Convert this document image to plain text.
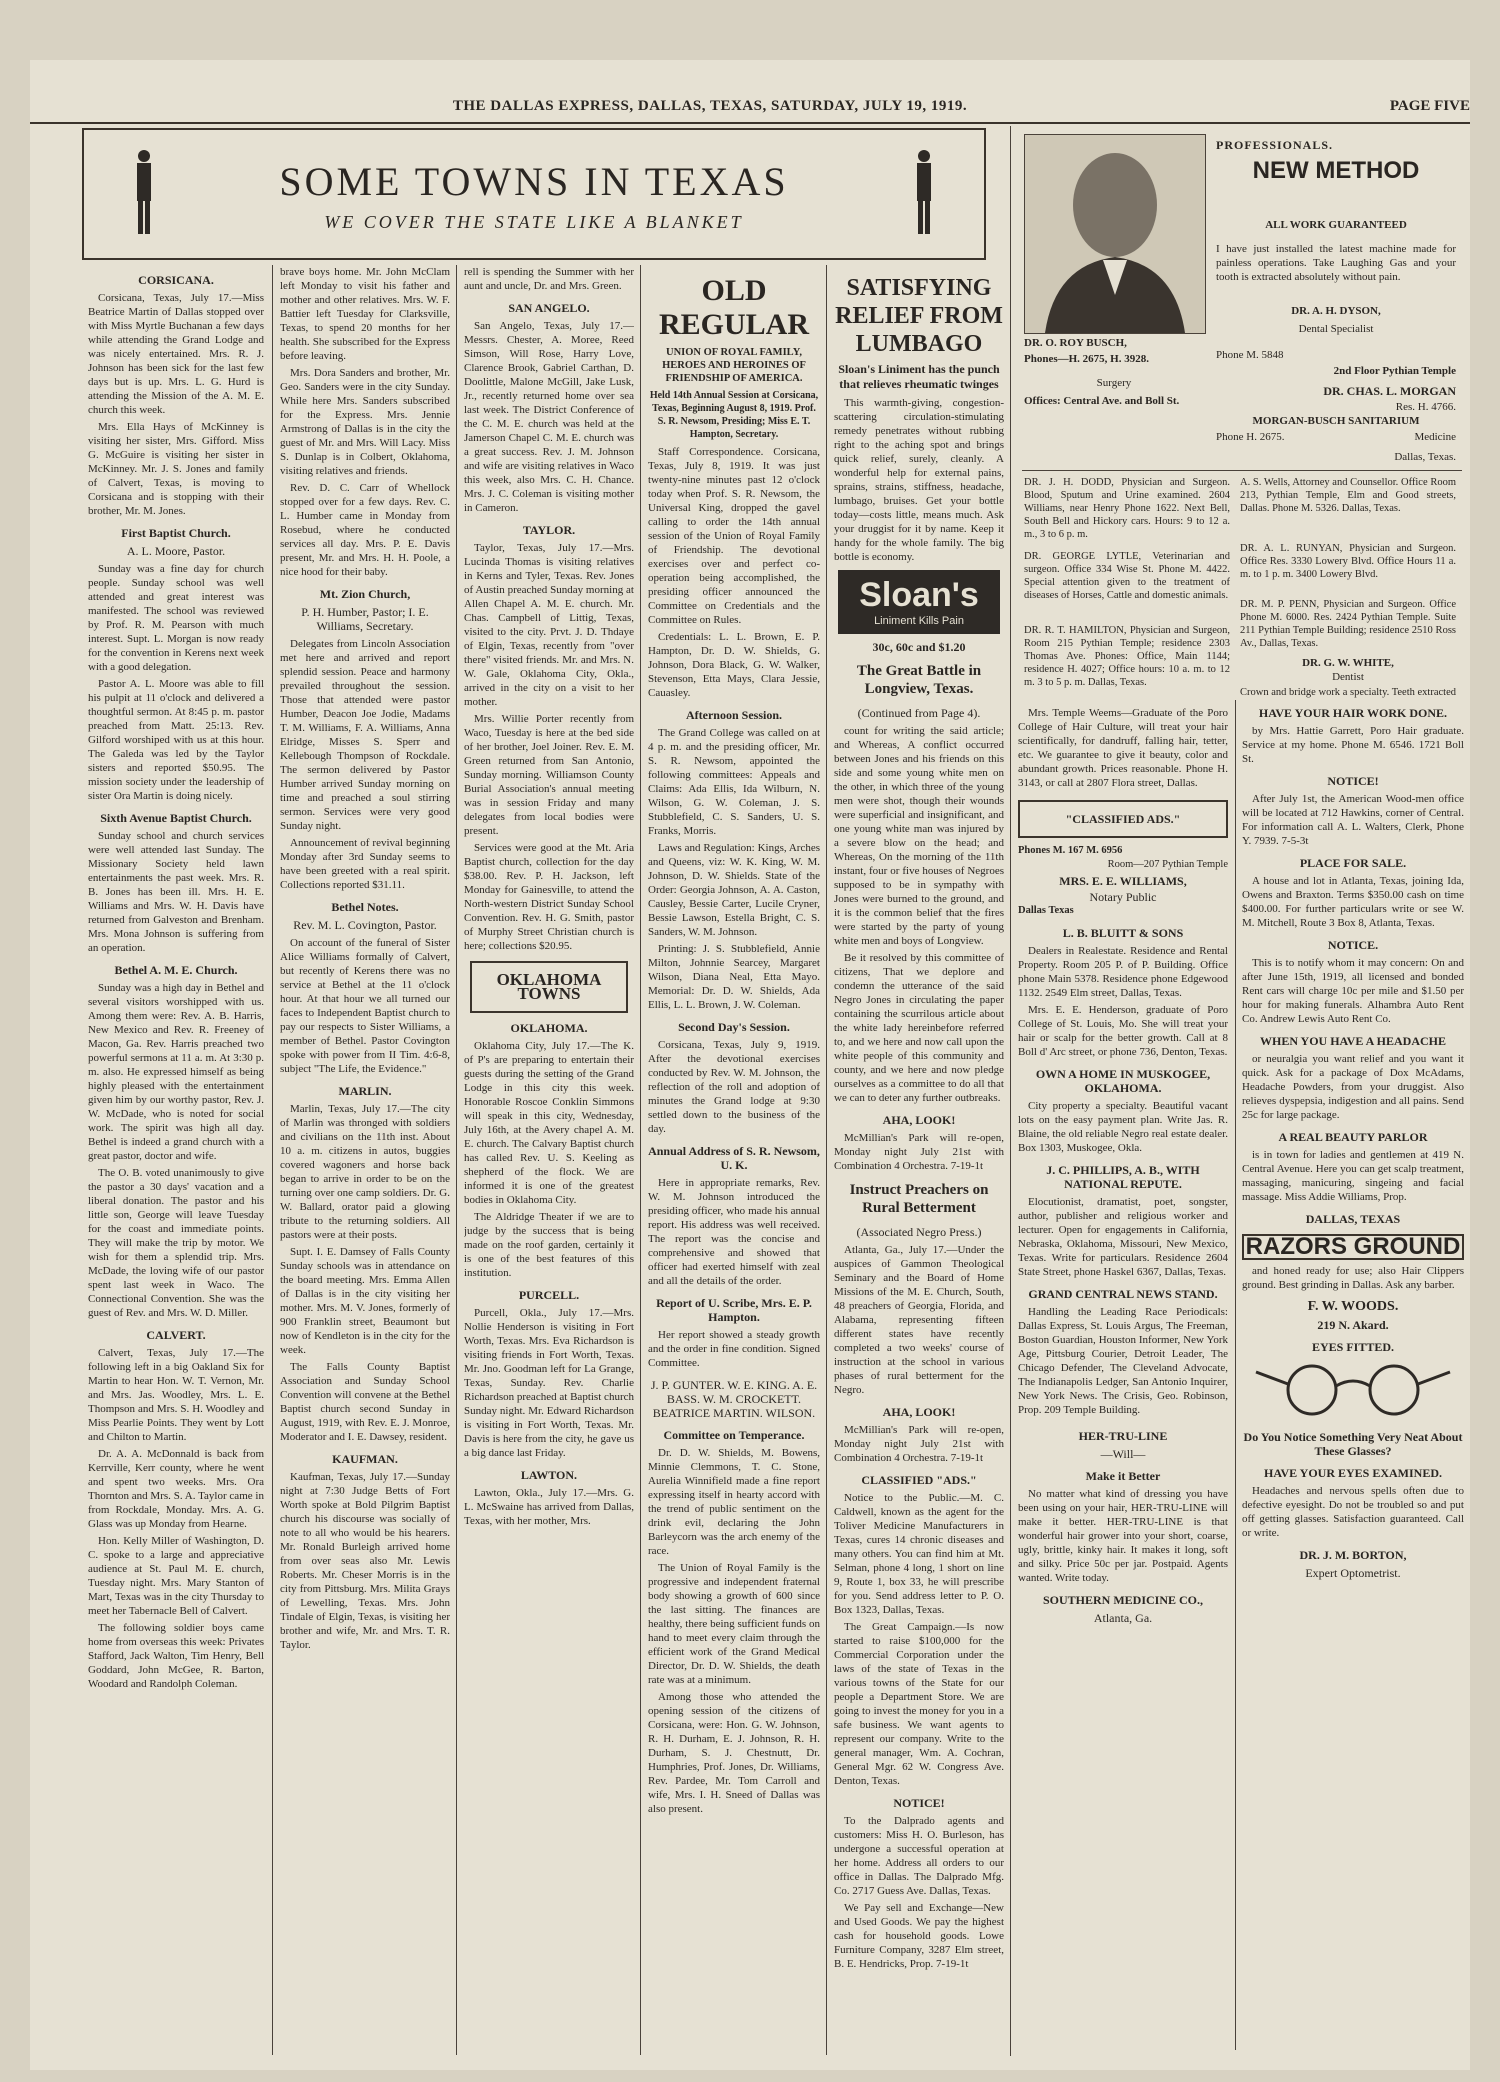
THE DALLAS EXPRESS, DALLAS, TEXAS, SATURDAY, JULY 19, 1919.	PAGE FIVE
SOME TOWNS IN TEXAS
WE COVER THE STATE LIKE A BLANKET
CORSICANA.

Corsicana, Texas, July 17.—Miss Beatrice Martin of Dallas stopped over with Miss Myrtle Buchanan a few days while attending the Grand Lodge and was nicely entertained. Mrs. R. J. Johnson has been sick for the last few days but is up. Mrs. L. G. Hurd is attending the Mission of the A. M. E. church this week.

Mrs. Ella Hays of McKinney is visiting her sister, Mrs. Gifford. Miss G. McGuire is visiting her sister in McKinney. Mr. J. S. Jones and family of Calvert, Texas, is moving to Corsicana and is stopping with their brother, Mr. M. Jones.

First Baptist Church.
A. L. Moore, Pastor.

Sunday was a fine day for church people. Sunday school was well attended and great interest was manifested. The school was reviewed by Prof. R. M. Pearson with much interest. Supt. L. Morgan is now ready for the convention in Kerens next week with a good delegation.

Pastor A. L. Moore was able to fill his pulpit at 11 o'clock and delivered a thoughtful sermon. At 8:45 p. m. pastor preached from Matt. 25:13. Rev. Gilford worshiped with us at this hour. The Galeda was led by the Taylor sisters and reported $50.95. The mission society under the leadership of sister Ora Martin is doing nicely.

Sixth Avenue Baptist Church.

Sunday school and church services were well attended last Sunday. The Missionary Society held lawn entertainments the past week. Mrs. R. B. Jones has been ill. Mrs. H. E. Williams and Mrs. W. H. Davis have returned from Galveston and Brenham. Mrs. Mona Johnson is suffering from an operation.

Bethel A. M. E. Church.

Sunday was a high day in Bethel and several visitors worshipped with us. Among them were: Rev. A. B. Harris, New Mexico and Rev. R. Freeney of Macon, Ga. Rev. Harris preached two powerful sermons at 11 a. m. At 3:30 p. m. also. He expressed himself as being highly pleased with the entertainment given him by our worthy pastor, Rev. J. W. McDade, who is noted for social work. The spirit was high all day. Bethel is indeed a grand church with a great pastor, doctor and wife.

The O. B. voted unanimously to give the pastor a 30 days' vacation and a liberal donation. The pastor and his little son, George will leave Tuesday for the coast and immediate points. They will make the trip by motor. We wish for them a splendid trip. Mrs. McDade, the loving wife of our pastor spent last week in Waco. The Connectional Convention. She was the guest of Rev. and Mrs. W. D. Miller.

CALVERT.

Calvert, Texas, July 17.—The following left in a big Oakland Six for Martin to hear Hon. W. T. Vernon, Mr. and Mrs. Jas. Woodley, Mrs. L. E. Thompson and Mrs. S. H. Woodley and Miss Pearlie Points. They went by Lott and Chilton to Martin.

Dr. A. A. McDonnald is back from Kerrville, Kerr county, where he went and spent two weeks. Mrs. Ora Thornton and Mrs. S. A. Taylor came in from Rockdale, Monday. Mrs. A. G. Glass was up Monday from Hearne.

Hon. Kelly Miller of Washington, D. C. spoke to a large and appreciative audience at St. Paul M. E. church, Tuesday night. Mrs. Mary Stanton of Mart, Texas was in the city Thursday to meet her Tabernacle Bell of Calvert.

The following soldier boys came home from overseas this week: Privates Stafford, Jack Walton, Tim Henry, Bell Goddard, John McGee, R. Barton, Woodard and Randolph Coleman.

brave boys home. Mr. John McClam left Monday to visit his father and mother and other relatives. Mrs. W. F. Battier left Tuesday for Clarksville, Texas, to spend 20 months for her health. She subscribed for the Express before leaving.

Mrs. Dora Sanders and brother, Mr. Geo. Sanders were in the city Sunday. While here Mrs. Sanders subscribed for the Express. Mrs. Jennie Armstrong of Dallas is in the city the guest of Mr. and Mrs. Will Lacy. Miss S. Dunlap is in Colbert, Oklahoma, visiting relatives and friends.

Rev. D. C. Carr of Whellock stopped over for a few days. Rev. C. L. Humber came in Monday from Rosebud, where he conducted services all day. Mrs. P. E. Davis present, Mr. and Mrs. H. H. Poole, a nice hood for their baby.

Mt. Zion Church,
P. H. Humber, Pastor; I. E. Williams, Secretary.

Delegates from Lincoln Association met here and arrived and report splendid session. Peace and harmony prevailed throughout the session. Those that attended were pastor Humber, Deacon Joe Jodie, Madams T. M. Williams, F. A. Williams, Anna Elridge, Misses S. Sperr and Kellebough Thompson of Rockdale. The sermon delivered by Pastor Humber arrived Sunday morning on time and preached a soul stirring sermon. Services were very good Sunday night.

Announcement of revival beginning Monday after 3rd Sunday seems to have been greeted with a real spirit. Collections reported $31.11.

Bethel Notes.
Rev. M. L. Covington, Pastor.

On account of the funeral of Sister Alice Williams formally of Calvert, but recently of Kerens there was no service at Bethel at the 11 o'clock hour. At that hour we all turned our faces to Independent Baptist church to pay our respects to Sister Williams, a member of Bethel. Pastor Covington spoke with power from II Tim. 4:6-8, subject "The Life, the Evidence."

MARLIN.

Marlin, Texas, July 17.—The city of Marlin was thronged with soldiers and civilians on the 11th inst. About 10 a. m. citizens in autos, buggies covered wagoners and horse back began to arrive in order to be on the turning over one camp soldiers. Dr. G. W. Ballard, orator paid a glowing tribute to the returning soldiers. All pastors were at their posts.

Supt. I. E. Damsey of Falls County Sunday schools was in attendance on the board meeting. Mrs. Emma Allen of Dallas is in the city visiting her mother. Mrs. M. V. Jones, formerly of 900 Franklin street, Beaumont but now of Kendleton is in the city for the week.

The Falls County Baptist Association and Sunday School Convention will convene at the Bethel Baptist church second Sunday in August, 1919, with Rev. E. J. Monroe, Moderator and I. E. Dawsey, resident.

KAUFMAN.

Kaufman, Texas, July 17.—Sunday night at 7:30 Judge Betts of Fort Worth spoke at Bold Pilgrim Baptist church his discourse was socially of note to all who would be his hearers. Mr. Ronald Burleigh arrived home from over seas also Mr. Lewis Roberts. Mr. Cheser Morris is in the city from Pittsburg. Mrs. Milita Grays of Lewelling, Texas. Mrs. John Tindale of Elgin, Texas, is visiting her brother and wife, Mr. and Mrs. T. R. Taylor.

rell is spending the Summer with her aunt and uncle, Dr. and Mrs. Green.

SAN ANGELO.

San Angelo, Texas, July 17.—Messrs. Chester, A. Moree, Reed Simson, Will Rose, Harry Love, Clarence Brook, Gabriel Carthan, D. Doolittle, Malone McGill, Jake Lusk, Jr., recently returned home over sea last week. The District Conference of the C. M. E. church was held at the Jamerson Chapel C. M. E. church was a great success. Rev. J. M. Johnson and wife are visiting relatives in Waco this week, also Mrs. C. H. Chance. Mrs. J. C. Coleman is visiting mother in Cameron.

TAYLOR.

Taylor, Texas, July 17.—Mrs. Lucinda Thomas is visiting relatives in Kerns and Tyler, Texas. Rev. Jones of Austin preached Sunday morning at Allen Chapel A. M. E. church. Mr. Chas. Campbell of Littig, Texas, visited to the city. Prvt. J. D. Thdaye of Elgin, Texas, recently from "over there" visited friends. Mr. and Mrs. N. W. Gale, Oklahoma City, Okla., arrived in the city on a visit to her mother.

Mrs. Willie Porter recently from Waco, Tuesday is here at the bed side of her brother, Joel Joiner. Rev. E. M. Green returned from San Antonio, Sunday morning. Williamson County Burial Association's annual meeting was in session Friday and many delegates from local bodies were present.

Services were good at the Mt. Aria Baptist church, collection for the day $38.00. Rev. P. H. Jackson, left Monday for Gainesville, to attend the North-western District Sunday School Convention. Rev. H. G. Smith, pastor of Murphy Street Christian church is here; collections $20.95.

OKLAHOMA TOWNS
OKLAHOMA.

Oklahoma City, July 17.—The K. of P's are preparing to entertain their guests during the setting of the Grand Lodge in this city this week. Honorable Roscoe Conklin Simmons will speak in this city, Wednesday, July 16th, at the Avery chapel A. M. E. church. The Calvary Baptist church has called Rev. U. S. Keeling as shepherd of the flock. We are informed it is one of the greatest bodies in Oklahoma City.

The Aldridge Theater if we are to judge by the success that is being made on the roof garden, certainly it is one of the best features of this institution.

PURCELL.

Purcell, Okla., July 17.—Mrs. Nollie Henderson is visiting in Fort Worth, Texas. Mrs. Eva Richardson is visiting friends in Fort Worth, Texas. Mr. Jno. Goodman left for La Grange, Texas, Sunday. Rev. Charlie Richardson preached at Baptist church Sunday night. Mr. Edward Richardson is visiting in Fort Worth, Texas. Mr. Davis is here from the city, he gave us a big dance last Friday.

LAWTON.

Lawton, Okla., July 17.—Mrs. G. L. McSwaine has arrived from Dallas, Texas, with her mother, Mrs.

OLD REGULAR
UNION OF ROYAL FAMILY, HEROES AND HEROINES OF FRIENDSHIP OF AMERICA.
Held 14th Annual Session at Corsicana, Texas, Beginning August 8, 1919. Prof. S. R. Newsom, Presiding; Miss E. T. Hampton, Secretary.

Staff Correspondence. Corsicana, Texas, July 8, 1919. It was just twenty-nine minutes past 12 o'clock today when Prof. S. R. Newsom, the Universal King, dropped the gavel calling to order the 14th annual session of the Union of Royal Family of Friendship. The devotional exercises over and perfect co-operation being accomplished, the presiding officer announced the Committee on Credentials and the Committee on Rules.

Credentials: L. L. Brown, E. P. Hampton, Dr. D. W. Shields, G. Johnson, Dora Black, G. W. Walker, Stevenson, Etta Mays, Clara Jessie, Cauasley.

Afternoon Session.

The Grand College was called on at 4 p. m. and the presiding officer, Mr. S. R. Newsom, appointed the following committees: Appeals and Claims: Ada Ellis, Ida Wilburn, N. Wilson, G. W. Coleman, J. S. Stubblefield, C. S. Sanders, U. S. Franks, Morris.

Laws and Regulation: Kings, Arches and Queens, viz: W. K. King, W. M. Johnson, D. W. Shields. State of the Order: Georgia Johnson, A. A. Caston, Causley, Bessie Carter, Lucile Cryner, Bessie Lawson, Estella Bright, C. S. Sanders, W. M. Johnson.

Printing: J. S. Stubblefield, Annie Milton, Johnnie Searcey, Margaret Wilson, Diana Neal, Etta Mayo. Memorial: Dr. D. W. Shields, Ada Ellis, L. L. Brown, J. W. Coleman.

Second Day's Session.

Corsicana, Texas, July 9, 1919. After the devotional exercises conducted by Rev. W. M. Johnson, the reflection of the roll and adoption of minutes the Grand lodge at 9:30 settled down to the business of the day.

Annual Address of S. R. Newsom, U. K.

Here in appropriate remarks, Rev. W. M. Johnson introduced the presiding officer, who made his annual report. His address was well received. The report was the concise and comprehensive and showed that officer had exerted himself with zeal and all the details of the order.

Report of U. Scribe, Mrs. E. P. Hampton.

Her report showed a steady growth and the order in fine condition. Signed Committee.

J. P. GUNTER. W. E. KING. A. E. BASS. W. M. CROCKETT. BEATRICE MARTIN. WILSON.
Committee on Temperance.

Dr. D. W. Shields, M. Bowens, Minnie Clemmons, T. C. Stone, Aurelia Winnifield made a fine report expressing itself in hearty accord with the trend of public sentiment on the drink evil, declaring the John Barleycorn was the arch enemy of the race.

The Union of Royal Family is the progressive and independent fraternal body showing a growth of 600 since the last sitting. The finances are healthy, there being sufficient funds on hand to meet every claim through the efficient work of the Grand Medical Director, Dr. D. W. Shields, the death rate was at a minimum.

Among those who attended the opening session of the citizens of Corsicana, were: Hon. G. W. Johnson, R. H. Durham, E. J. Johnson, R. H. Durham, S. J. Chestnutt, Dr. Humphries, Prof. Jones, Dr. Williams, Rev. Pardee, Mr. Tom Carroll and wife, Mrs. I. H. Sneed of Dallas was also present.

SATISFYING RELIEF FROM LUMBAGO
Sloan's Liniment has the punch that relieves rheumatic twinges

This warmth-giving, congestion-scattering circulation-stimulating remedy penetrates without rubbing right to the aching spot and brings quick relief, surely, cleanly. A wonderful help for external pains, sprains, strains, stiffness, headache, lumbago, bruises. Get your bottle today—costs little, means much. Ask your druggist for it by name. Keep it handy for the whole family. The big bottle is economy.

Sloan's
Liniment Kills Pain
30c, 60c and $1.20
The Great Battle in Longview, Texas.
(Continued from Page 4).

count for writing the said article; and Whereas, A conflict occurred between Jones and his friends on this side and some young white men on the other, in which three of the young men were shot, though their wounds were superficial and insignificant, and one young white man was injured by a severe blow on the head; and Whereas, On the morning of the 11th instant, four or five houses of Negroes supposed to be in sympathy with Jones were burned to the ground, and it is the common belief that the fires were started by the party of young white men and boys of Longview.

Be it resolved by this committee of citizens, That we deplore and condemn the utterance of the said Negro Jones in circulating the paper containing the scurrilous article about the white lady hereinbefore referred to, and we here and now call upon the white people of this community and county, and we here and now pledge ourselves as a committee to do all that we can to deter any further outbreaks.

AHA, LOOK!

McMillian's Park will re-open, Monday night July 21st with Combination 4 Orchestra. 7-19-1t

Instruct Preachers on Rural Betterment
(Associated Negro Press.)

Atlanta, Ga., July 17.—Under the auspices of Gammon Theological Seminary and the Board of Home Missions of the M. E. Church, South, 48 preachers of Georgia, Florida, and Alabama, representing fifteen different states have recently completed a two weeks' course of instruction at the school in various phases of rural betterment for the Negro.

AHA, LOOK!

McMillian's Park will re-open, Monday night July 21st with Combination 4 Orchestra. 7-19-1t

CLASSIFIED "ADS."

Notice to the Public.—M. C. Caldwell, known as the agent for the Toliver Medicine Manufacturers in Texas, cures 14 chronic diseases and many others. You can find him at Mt. Selman, phone 4 long, 1 short on line 9, Route 1, box 33, he will prescribe for you. Send address letter to P. O. Box 1323, Dallas, Texas.

The Great Campaign.—Is now started to raise $100,000 for the Commercial Corporation under the laws of the state of Texas in the various towns of the State for our people a Department Store. We are going to invest the money for you in a safe business. We want agents to represent our company. Write to the general manager, Wm. A. Cochran, General Mgr. 62 W. Congress Ave. Denton, Texas.

NOTICE!

To the Dalprado agents and customers: Miss H. O. Burleson, has undergone a successful operation at her home. Address all orders to our office in Dallas. The Dalprado Mfg. Co. 2717 Guess Ave. Dallas, Texas.

We Pay sell and Exchange—New and Used Goods. We pay the highest cash for household goods. Lowe Furniture Company, 3287 Elm street, B. E. Hendricks, Prop. 7-19-1t

DR. O. ROY BUSCH,
Phones—H. 2675, H. 3928.
Surgery
Offices: Central Ave. and Boll St.
PROFESSIONALS.
NEW METHOD
ALL WORK GUARANTEED
I have just installed the latest machine made for painless operations. Take Laughing Gas and your tooth is extracted absolutely without pain.
DR. A. H. DYSON,
Dental Specialist
Phone M. 5848
2nd Floor Pythian Temple
DR. CHAS. L. MORGAN
Res. H. 4766.
MORGAN-BUSCH SANITARIUM
Medicine
Phone H. 2675.
Dallas, Texas.
DR. J. H. DODD, Physician and Surgeon. Blood, Sputum and Urine examined. 2604 Williams, near Henry Phone 1622. Next Bell, South Bell and Hickory cars. Hours: 9 to 12 a. m., 3 to 6 p. m.
A. S. Wells, Attorney and Counsellor. Office Room 213, Pythian Temple, Elm and Good streets, Dallas. Phone M. 5326. Dallas, Texas.
DR. GEORGE LYTLE, Veterinarian and surgeon. Office 334 Wise St. Phone M. 4422. Special attention given to the treatment of diseases of Horses, Cattle and domestic animals.
DR. A. L. RUNYAN, Physician and Surgeon. Office Res. 3330 Lowery Blvd. Office Hours 11 a. m. to 1 p. m. 3400 Lowery Blvd.
DR. R. T. HAMILTON, Physician and Surgeon, Room 215 Pythian Temple; residence 2303 Thomas Ave. Phones: Office, Main 1144; residence H. 4027; Office hours: 10 a. m. to 12 m. 3 to 5 p. m. Dallas, Texas.
DR. M. P. PENN, Physician and Surgeon. Office Phone M. 6000. Res. 2424 Pythian Temple. Suite 211 Pythian Temple Building; residence 2510 Ross Av., Dallas, Texas.
DR. G. W. WHITE,
Dentist
Crown and bridge work a specialty. Teeth extracted

Mrs. Temple Weems—Graduate of the Poro College of Hair Culture, will treat your hair scientifically, for dandruff, falling hair, tetter, etc. We guarantee to give it beauty, color and abundant growth. Prices reasonable. Phone H. 3143, or call at 2807 Flora street, Dallas.

"CLASSIFIED ADS."
Phones M. 167 M. 6956
Room—207 Pythian Temple
MRS. E. E. WILLIAMS,
Notary Public
Dallas Texas
L. B. BLUITT & SONS

Dealers in Realestate. Residence and Rental Property. Room 205 P. of P. Building. Office phone Main 5378. Residence phone Edgewood 1132. 2549 Elm street, Dallas, Texas.

Mrs. E. E. Henderson, graduate of Poro College of St. Louis, Mo. She will treat your hair or scalp for the better growth. Call at 8 Boll d' Arc street, or phone 736, Denton, Texas.

OWN A HOME IN MUSKOGEE, OKLAHOMA.

City property a specialty. Beautiful vacant lots on the easy payment plan. Write Jas. R. Blaine, the old reliable Negro real estate dealer. Box 1303, Muskogee, Okla.

J. C. PHILLIPS, A. B., WITH NATIONAL REPUTE.

Elocutionist, dramatist, poet, songster, author, publisher and religious worker and lecturer. Open for engagements in California, Nebraska, Oklahoma, Missouri, New Mexico, Texas. Write for particulars. Residence 2604 State Street, phone Haskel 6367, Dallas, Texas.

GRAND CENTRAL NEWS STAND.

Handling the Leading Race Periodicals: Dallas Express, St. Louis Argus, The Freeman, Boston Guardian, Houston Informer, New York Age, Pittsburg Courier, Detroit Leader, The Chicago Defender, The Cleveland Advocate, The Indianapolis Ledger, San Antonio Inquirer, New York News. The Crisis, Geo. Robinson, Prop. 209 Temple Building.

HER-TRU-LINE
—Will—
Make it Better

No matter what kind of dressing you have been using on your hair, HER-TRU-LINE will make it better. HER-TRU-LINE is that wonderful hair grower into your short, coarse, ugly, brittle, kinky hair. It makes it long, soft and silky. Price 50c per jar. Postpaid. Agents wanted. Write today.

SOUTHERN MEDICINE CO.,
Atlanta, Ga.
HAVE YOUR HAIR WORK DONE.

by Mrs. Hattie Garrett, Poro Hair graduate. Service at my home. Phone M. 6546. 1721 Boll St.

NOTICE!

After July 1st, the American Wood-men office will be located at 712 Hawkins, corner of Central. For information call A. L. Walters, Clerk, Phone Y. 7939. 7-5-3t

PLACE FOR SALE.

A house and lot in Atlanta, Texas, joining Ida, Owens and Braxton. Terms $350.00 cash on time $400.00. For further particulars write or see W. M. Mitchell, Route 3 Box 8, Atlanta, Texas.

NOTICE.

This is to notify whom it may concern: On and after June 15th, 1919, all licensed and bonded Rent cars will charge 10c per mile and $1.50 per hour for making funerals. Alhambra Auto Rent Co. Andrew Lewis Auto Rent Co.

WHEN YOU HAVE A HEADACHE

or neuralgia you want relief and you want it quick. Ask for a package of Dox McAdams, Headache Powders, from your druggist. Also relieves dyspepsia, indigestion and all pains. Send 25c for large package.

A REAL BEAUTY PARLOR

is in town for ladies and gentlemen at 419 N. Central Avenue. Here you can get scalp treatment, massaging, manicuring, singeing and facial massage. Miss Addie Williams, Prop.

DALLAS, TEXAS
RAZORS GROUND

and honed ready for use; also Hair Clippers ground. Best grinding in Dallas. Ask any barber.

F. W. WOODS.
219 N. Akard.
EYES FITTED.
Do You Notice Something Very Neat About These Glasses?
HAVE YOUR EYES EXAMINED.

Headaches and nervous spells often due to defective eyesight. Do not be troubled so and put off getting glasses. Satisfaction guaranteed. Call or write.

DR. J. M. BORTON,
Expert Optometrist.
